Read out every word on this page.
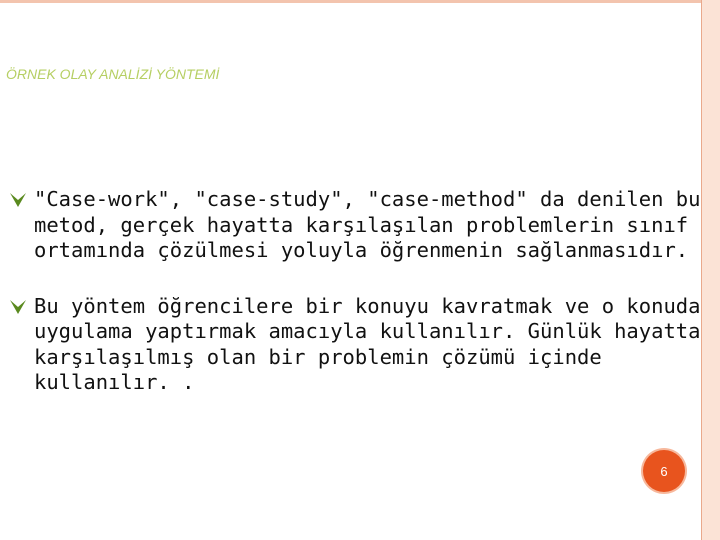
ÖRNEK OLAY ANALİZİ YÖNTEMİ

"Case-work", "case-study", "case-method" da denilen bu metod, gerçek hayatta karşılaşılan problemlerin sınıf ortamında çözülmesi yoluyla öğrenmenin sağlanmasıdır.

Bu yöntem öğrencilere bir konuyu kavratmak ve o konuda uygulama yaptırmak amacıyla kullanılır. Günlük hayatta karşılaşılmış olan bir problemin çözümü içinde kullanılır. .

6
